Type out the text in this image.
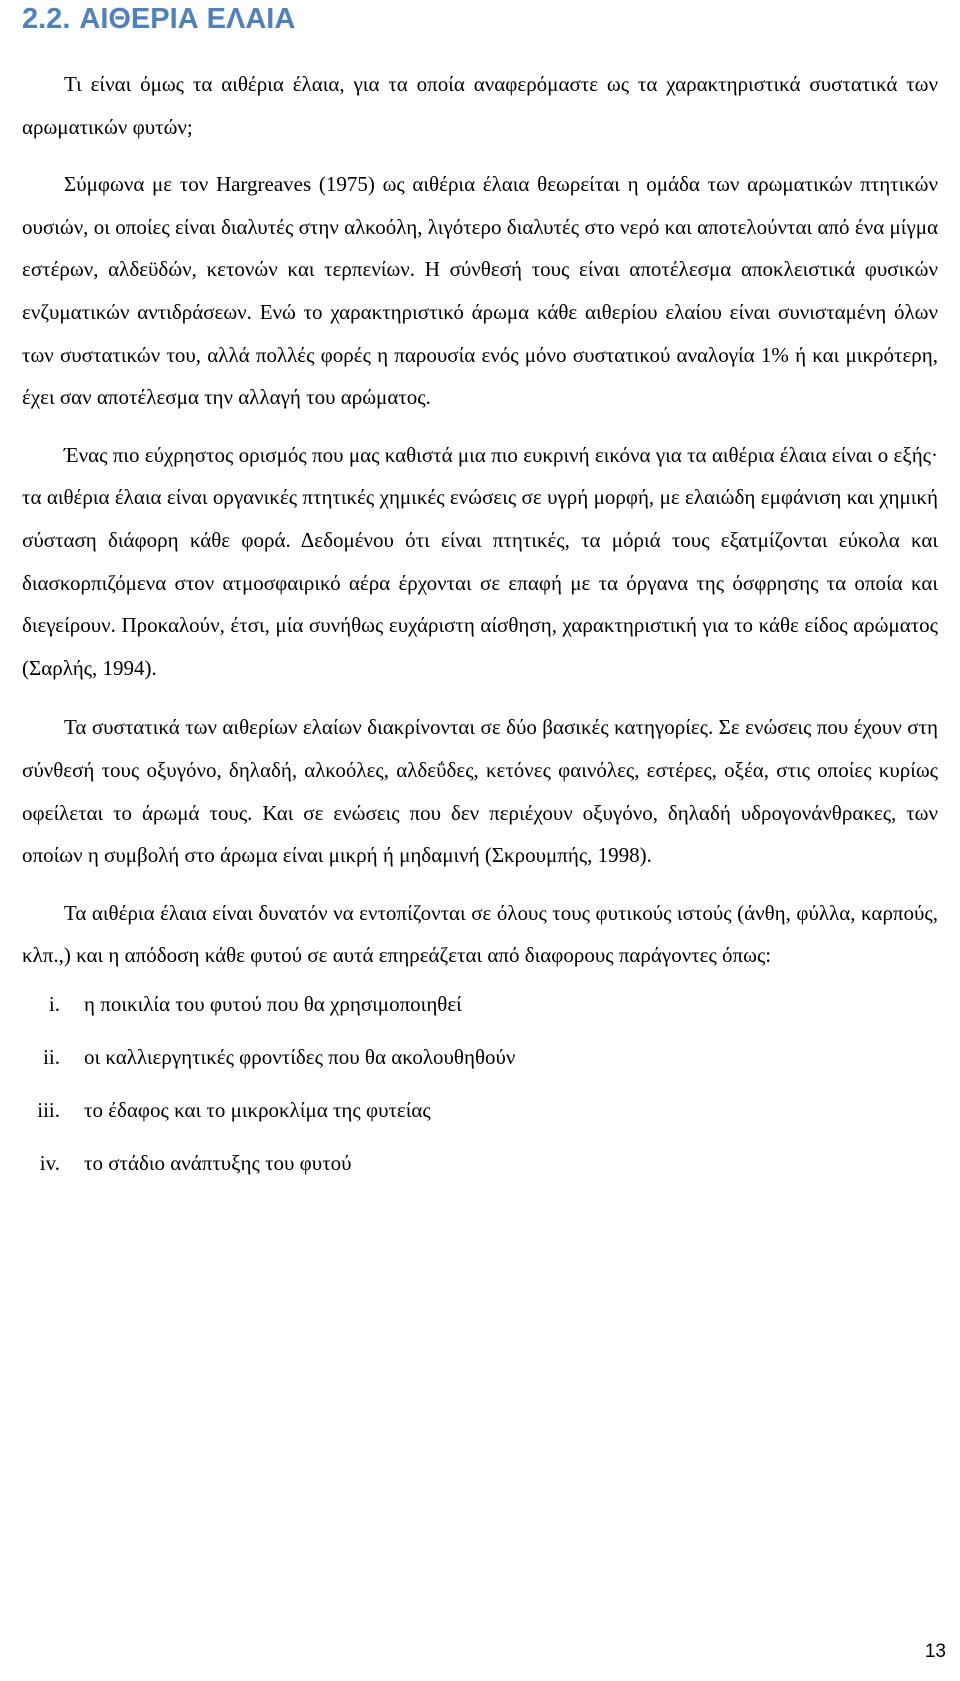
2.2. ΑΙΘΕΡΙΑ ΕΛΑΙΑ

Τι είναι όμως τα αιθέρια έλαια, για τα οποία αναφερόμαστε ως τα χαρακτηριστικά συστατικά των αρωματικών φυτών;

Σύμφωνα με τον Hargreaves (1975) ως αιθέρια έλαια θεωρείται η ομάδα των αρωματικών πτητικών ουσιών, οι οποίες είναι διαλυτές στην αλκοόλη, λιγότερο διαλυτές στο νερό και αποτελούνται από ένα μίγμα εστέρων, αλδεϋδών, κετονών και τερπενίων. Η σύνθεσή τους είναι αποτέλεσμα αποκλειστικά φυσικών ενζυματικών αντιδράσεων. Ενώ το χαρακτηριστικό άρωμα κάθε αιθερίου ελαίου είναι συνισταμένη όλων των συστατικών του, αλλά πολλές φορές η παρουσία ενός μόνο συστατικού αναλογία 1% ή και μικρότερη, έχει σαν αποτέλεσμα την αλλαγή του αρώματος.

Ένας πιο εύχρηστος ορισμός που μας καθιστά μια πιο ευκρινή εικόνα για τα αιθέρια έλαια είναι ο εξής· τα αιθέρια έλαια είναι οργανικές πτητικές χημικές ενώσεις σε υγρή μορφή, με ελαιώδη εμφάνιση και χημική σύσταση διάφορη κάθε φορά. Δεδομένου ότι είναι πτητικές, τα μόριά τους εξατμίζονται εύκολα και διασκορπιζόμενα στον ατμοσφαιρικό αέρα έρχονται σε επαφή με τα όργανα της όσφρησης τα οποία και διεγείρουν. Προκαλούν, έτσι, μία συνήθως ευχάριστη αίσθηση, χαρακτηριστική για το κάθε είδος αρώματος (Σαρλής, 1994).

Τα συστατικά των αιθερίων ελαίων διακρίνονται σε δύο βασικές κατηγορίες. Σε ενώσεις που έχουν στη σύνθεσή τους οξυγόνο, δηλαδή, αλκοόλες, αλδεΰδες, κετόνες φαινόλες, εστέρες, οξέα, στις οποίες κυρίως οφείλεται το άρωμά τους. Και σε ενώσεις που δεν περιέχουν οξυγόνο, δηλαδή υδρογονάνθρακες, των οποίων η συμβολή στο άρωμα είναι μικρή ή μηδαμινή (Σκρουμπής, 1998).

Τα αιθέρια έλαια είναι δυνατόν να εντοπίζονται σε όλους τους φυτικούς ιστούς (άνθη, φύλλα, καρπούς, κλπ.,) και η απόδοση κάθε φυτού σε αυτά επηρεάζεται από διαφορους παράγοντες όπως:

i. η ποικιλία του φυτού που θα χρησιμοποιηθεί
ii. οι καλλιεργητικές φροντίδες που θα ακολουθηθούν
iii. το έδαφος και το μικροκλίμα της φυτείας
iv. το στάδιο ανάπτυξης του φυτού
13
